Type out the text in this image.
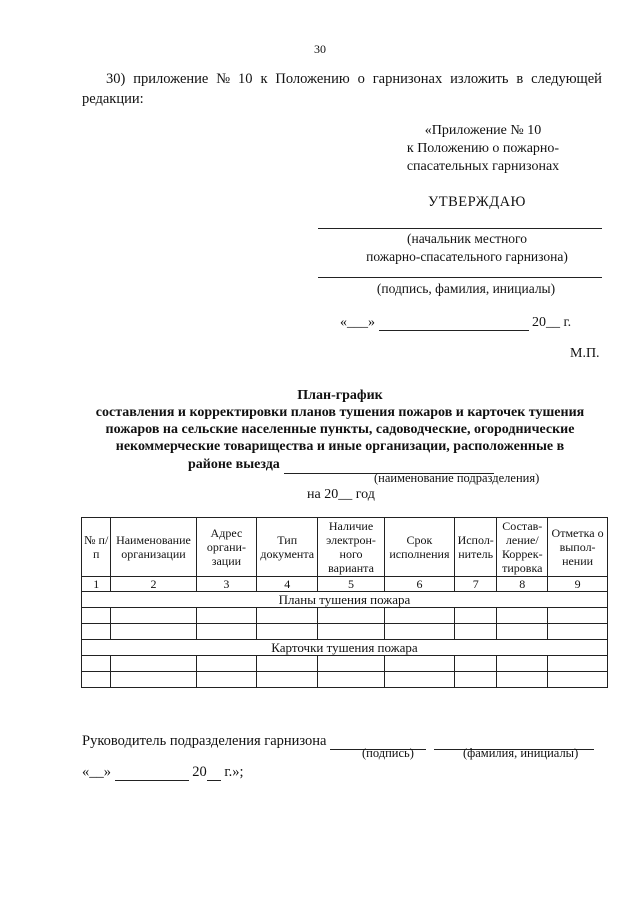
30
30) приложение № 10 к Положению о гарнизонах изложить в следующей
редакции:
«Приложение № 10
к Положению о пожарно-
спасательных гарнизонах
УТВЕРЖДАЮ
(начальник местного
пожарно-спасательного гарнизона)
(подпись, фамилия, инициалы)
«___»	20__ г.
М.П.
План-график
составления и корректировки планов тушения пожаров и карточек тушения
пожаров на сельские населенные пункты, садоводческие, огороднические
некоммерческие товарищества и иные организации, расположенные в
районе выезда
(наименование подразделения)
на 20__ год
№ п/п	Наименование организации	Адрес органи-зации	Тип документа	Наличие электрон-ного варианта	Срок исполнения	Испол-нитель	Состав-ление/ Коррек-тировка	Отметка о выпол-нении
1	2	3	4	5	6	7	8	9
Планы тушения пожара								

Карточки тушения пожара								

Руководитель подразделения гарнизона
(подпись)	(фамилия, инициалы)
«__»	20 г.»;
